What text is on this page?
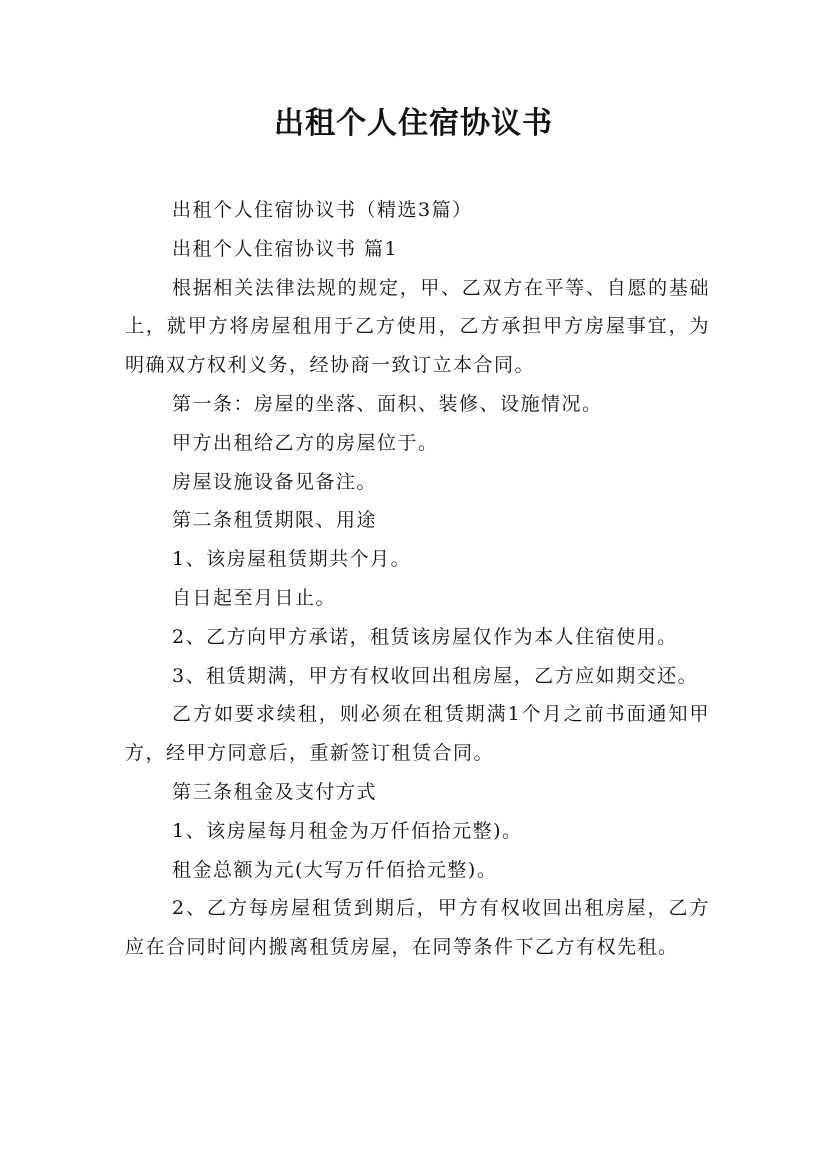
出租个人住宿协议书

出租个人住宿协议书（精选3篇）

出租个人住宿协议书 篇1

根据相关法律法规的规定，甲、乙双方在平等、自愿的基础上，就甲方将房屋租用于乙方使用，乙方承担甲方房屋事宜，为明确双方权利义务，经协商一致订立本合同。

第一条：房屋的坐落、面积、装修、设施情况。

甲方出租给乙方的房屋位于。

房屋设施设备见备注。

第二条租赁期限、用途

1、该房屋租赁期共个月。

自日起至月日止。

2、乙方向甲方承诺，租赁该房屋仅作为本人住宿使用。

3、租赁期满，甲方有权收回出租房屋，乙方应如期交还。

乙方如要求续租，则必须在租赁期满1个月之前书面通知甲方，经甲方同意后，重新签订租赁合同。

第三条租金及支付方式

1、该房屋每月租金为万仟佰拾元整)。

租金总额为元(大写万仟佰拾元整)。

2、乙方每房屋租赁到期后，甲方有权收回出租房屋，乙方应在合同时间内搬离租赁房屋，在同等条件下乙方有权先租。
